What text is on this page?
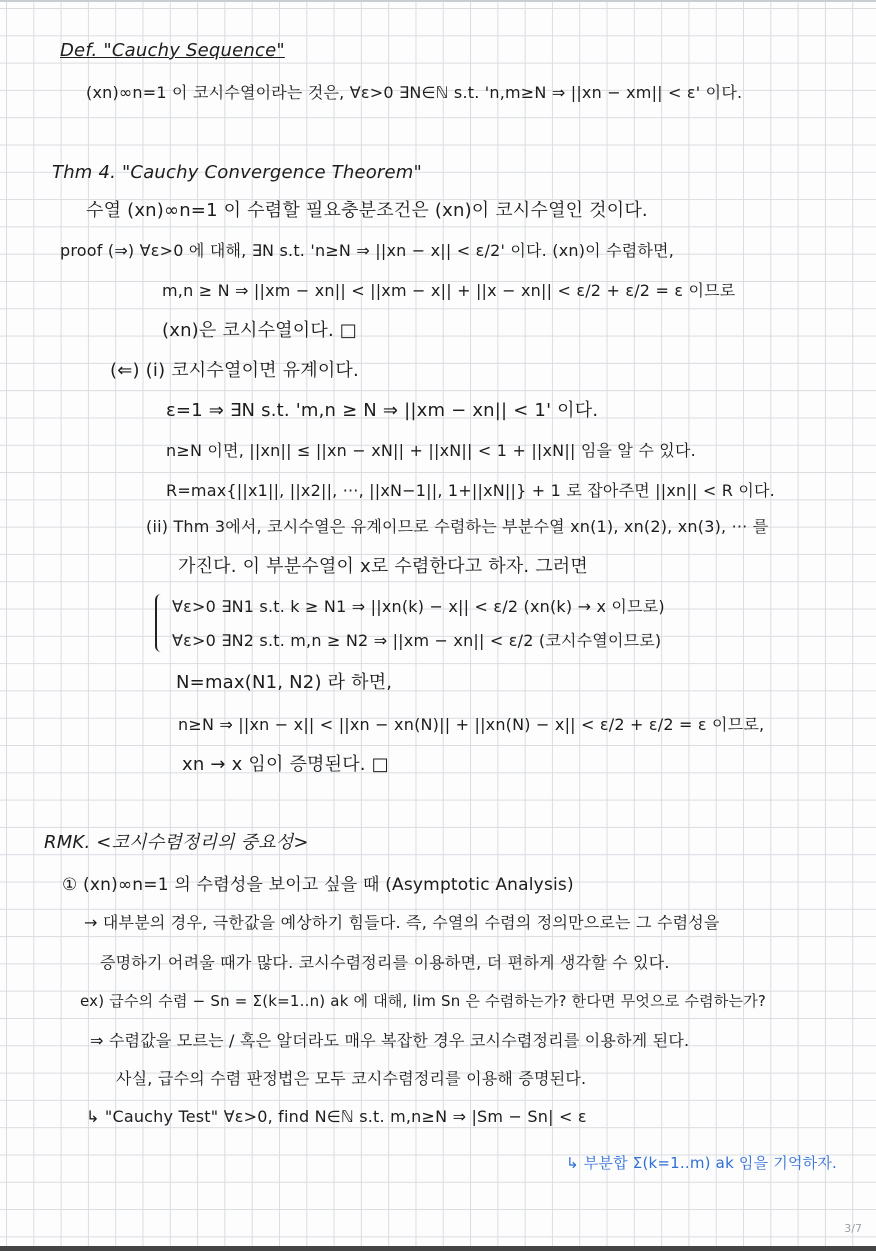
Def. "Cauchy Sequence"
(xn)∞n=1 이 코시수열이라는 것은, ∀ε>0 ∃N∈ℕ s.t. 'n,m≥N ⇒ ||xn − xm|| < ε' 이다.
Thm 4. "Cauchy Convergence Theorem"
수열 (xn)∞n=1 이 수렴할 필요충분조건은 (xn)이 코시수열인 것이다.
proof (⇒) ∀ε>0 에 대해, ∃N s.t. 'n≥N ⇒ ||xn − x|| < ε/2' 이다. (xn)이 수렴하면,
m,n ≥ N ⇒ ||xm − xn|| < ||xm − x|| + ||x − xn|| < ε/2 + ε/2 = ε 이므로
(xn)은 코시수열이다. □
(⇐) (i) 코시수열이면 유계이다.
ε=1 ⇒ ∃N s.t. 'm,n ≥ N ⇒ ||xm − xn|| < 1' 이다.
n≥N 이면, ||xn|| ≤ ||xn − xN|| + ||xN|| < 1 + ||xN|| 임을 알 수 있다.
R=max{||x1||, ||x2||, ···, ||xN−1||, 1+||xN||} + 1 로 잡아주면 ||xn|| < R 이다.
(ii) Thm 3에서, 코시수열은 유계이므로 수렴하는 부분수열 xn(1), xn(2), xn(3), ··· 를
가진다. 이 부분수열이 x로 수렴한다고 하자. 그러면
∀ε>0 ∃N1 s.t. k ≥ N1 ⇒ ||xn(k) − x|| < ε/2 (xn(k) → x 이므로)
∀ε>0 ∃N2 s.t. m,n ≥ N2 ⇒ ||xm − xn|| < ε/2 (코시수열이므로)
N=max(N1, N2) 라 하면,
n≥N ⇒ ||xn − x|| < ||xn − xn(N)|| + ||xn(N) − x|| < ε/2 + ε/2 = ε 이므로,
xn → x 임이 증명된다. □
RMK. <코시수렴정리의 중요성>
① (xn)∞n=1 의 수렴성을 보이고 싶을 때 (Asymptotic Analysis)
→ 대부분의 경우, 극한값을 예상하기 힘들다. 즉, 수열의 수렴의 정의만으로는 그 수렴성을
증명하기 어려울 때가 많다. 코시수렴정리를 이용하면, 더 편하게 생각할 수 있다.
ex) 급수의 수렴 − Sn = Σ(k=1..n) ak 에 대해, lim Sn 은 수렴하는가? 한다면 무엇으로 수렴하는가?
⇒ 수렴값을 모르는 / 혹은 알더라도 매우 복잡한 경우 코시수렴정리를 이용하게 된다.
사실, 급수의 수렴 판정법은 모두 코시수렴정리를 이용해 증명된다.
↳ "Cauchy Test" ∀ε>0, find N∈ℕ s.t. m,n≥N ⇒ |Sm − Sn| < ε
↳ 부분합 Σ(k=1..m) ak 임을 기억하자.
3/7
